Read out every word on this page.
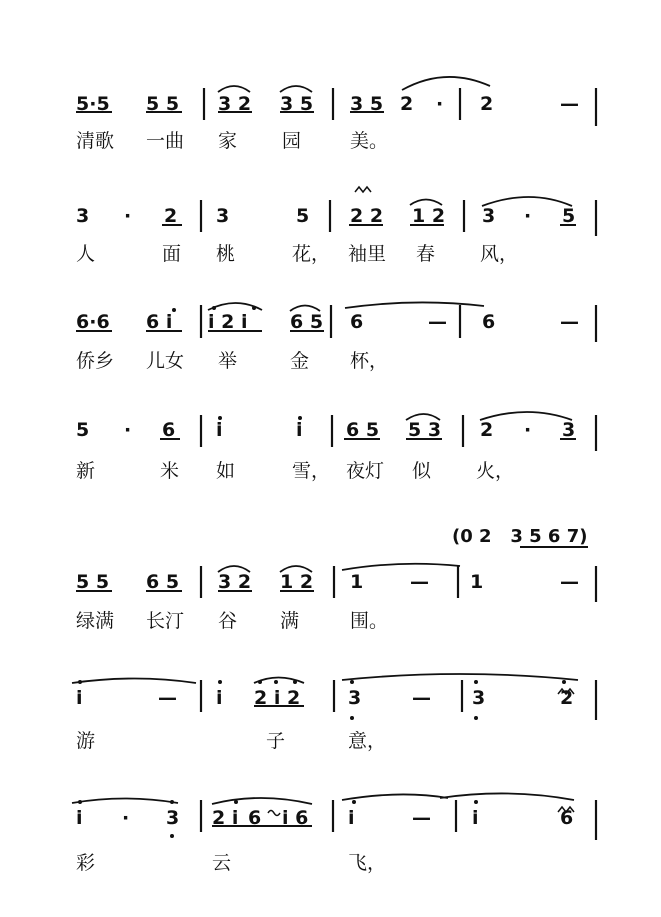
5·5 5 5 3 2 3 5 3 5 2 · 2	—
清歌 一曲 家 园	美。
3 · 2 3	5 2 2 1 2 3 · 5
人	面 桃	花， 袖里 春 风，
6·6 6 i i 2 i 6 5 6	— 6	—
侨乡 儿女 举	金 杯，
5 · 6 i	i 6 5 5 3 2 · 3
新	米 如	雪， 夜灯 似 火，
(0 2   3 5 6 7)
5 5 6 5 3 2 1 2 1 — 1	—
绿满 长汀 谷 满	围。
i	— i 2 i 2	3	— 3	2
游	子	意，
i · 3 2 i 6 i 6 i	— i	6
彩	云	飞，
